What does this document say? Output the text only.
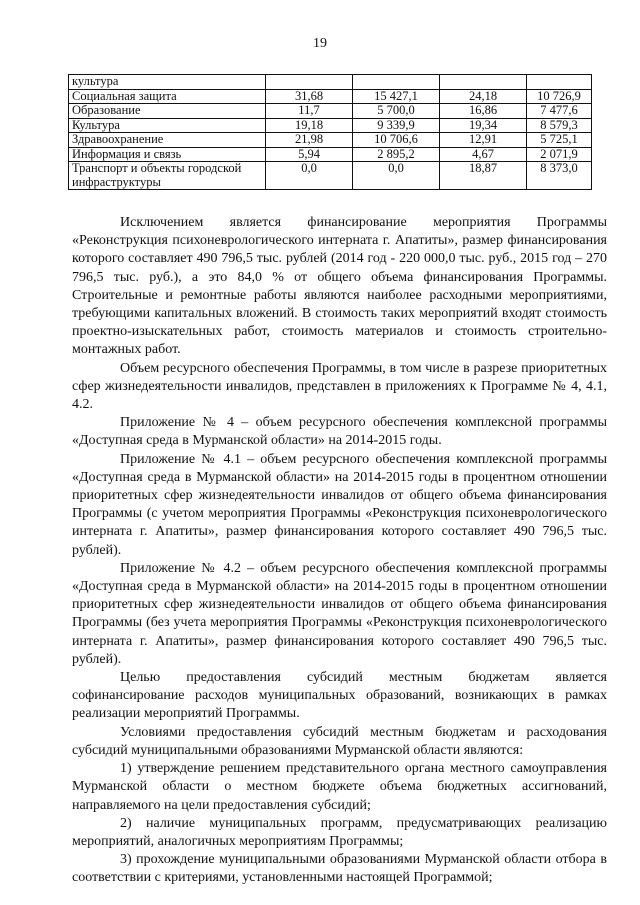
19
культура				
Социальная защита	31,68	15 427,1	24,18	10 726,9
Образование	11,7	5 700,0	16,86	7 477,6
Культура	19,18	9 339,9	19,34	8 579,3
Здравоохранение	21,98	10 706,6	12,91	5 725,1
Информация и связь	5,94	2 895,2	4,67	2 071,9
Транспорт и объекты городской инфраструктуры	0,0	0,0	18,87	8 373,0

Исключением является финансирование мероприятия Программы «Реконструкция психоневрологического интерната г. Апатиты», размер финансирования которого составляет 490 796,5 тыс. рублей (2014 год - 220 000,0 тыс. руб., 2015 год – 270 796,5 тыс. руб.), а это 84,0 % от общего объема финансирования Программы. Строительные и ремонтные работы являются наиболее расходными мероприятиями, требующими капитальных вложений. В стоимость таких мероприятий входят стоимость проектно-изыскательных работ, стоимость материалов и стоимость строительно-монтажных работ.

Объем ресурсного обеспечения Программы, в том числе в разрезе приоритетных сфер жизнедеятельности инвалидов, представлен в приложениях к Программе № 4, 4.1, 4.2.

Приложение № 4 – объем ресурсного обеспечения комплексной программы «Доступная среда в Мурманской области» на 2014-2015 годы.

Приложение № 4.1 – объем ресурсного обеспечения комплексной программы «Доступная среда в Мурманской области» на 2014-2015 годы в процентном отношении приоритетных сфер жизнедеятельности инвалидов от общего объема финансирования Программы (с учетом мероприятия Программы «Реконструкция психоневрологического интерната г. Апатиты», размер финансирования которого составляет 490 796,5 тыс. рублей).

Приложение № 4.2 – объем ресурсного обеспечения комплексной программы «Доступная среда в Мурманской области» на 2014-2015 годы в процентном отношении приоритетных сфер жизнедеятельности инвалидов от общего объема финансирования Программы (без учета мероприятия Программы «Реконструкция психоневрологического интерната г. Апатиты», размер финансирования которого составляет 490 796,5 тыс. рублей).

Целью предоставления субсидий местным бюджетам является софинансирование расходов муниципальных образований, возникающих в рамках реализации мероприятий Программы.

Условиями предоставления субсидий местным бюджетам и расходования субсидий муниципальными образованиями Мурманской области являются:

1) утверждение решением представительного органа местного самоуправления Мурманской области о местном бюджете объема бюджетных ассигнований, направляемого на цели предоставления субсидий;

2) наличие муниципальных программ, предусматривающих реализацию мероприятий, аналогичных мероприятиям Программы;

3) прохождение муниципальными образованиями Мурманской области отбора в соответствии с критериями, установленными настоящей Программой;
